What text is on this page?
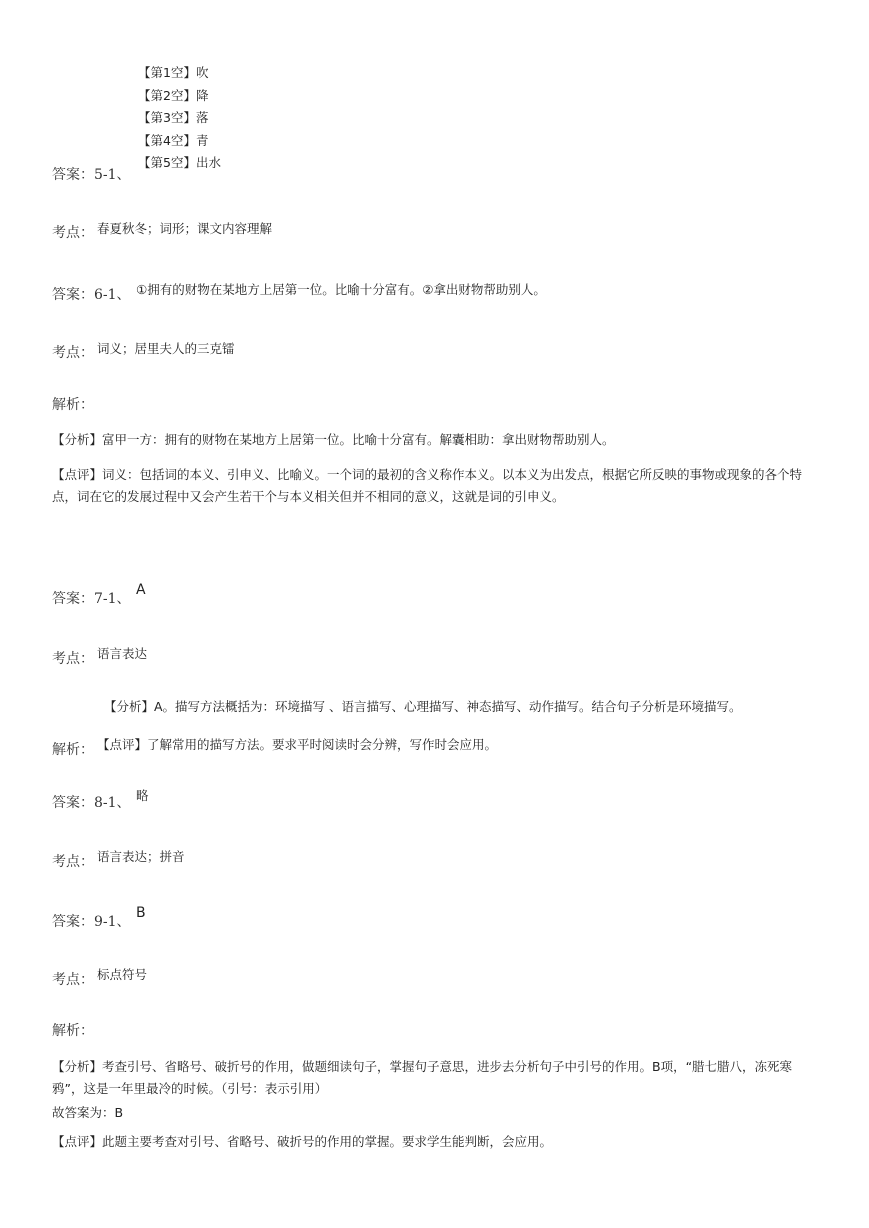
【第1空】吹
【第2空】降
【第3空】落
【第4空】青
【第5空】出水
答案：5-1、
考点： 春夏秋冬；词形；课文内容理解
答案：6-1、 ①拥有的财物在某地方上居第一位。比喻十分富有。②拿出财物帮助别人。
考点： 词义；居里夫人的三克镭
解析：
【分析】富甲一方：拥有的财物在某地方上居第一位。比喻十分富有。解囊相助：拿出财物帮助别人。
【点评】词义：包括词的本义、引申义、比喻义。一个词的最初的含义称作本义。以本义为出发点，根据它所反映的事物或现象的各个特点，词在它的发展过程中又会产生若干个与本义相关但并不相同的意义，这就是词的引申义。
答案：7-1、
A
考点： 语言表达
【分析】A。描写方法概括为：环境描写 、语言描写、心理描写、神态描写、动作描写。结合句子分析是环境描写。
解析： 【点评】了解常用的描写方法。要求平时阅读时会分辨，写作时会应用。
答案：8-1、 略
考点： 语言表达；拼音
答案：9-1、
B
考点： 标点符号
解析：
【分析】考查引号、省略号、破折号的作用，做题细读句子，掌握句子意思，进步去分析句子中引号的作用。B项，“腊七腊八，冻死寒鸦”，这是一年里最冷的时候。（引号：表示引用）
故答案为：B
【点评】此题主要考查对引号、省略号、破折号的作用的掌握。要求学生能判断，会应用。
